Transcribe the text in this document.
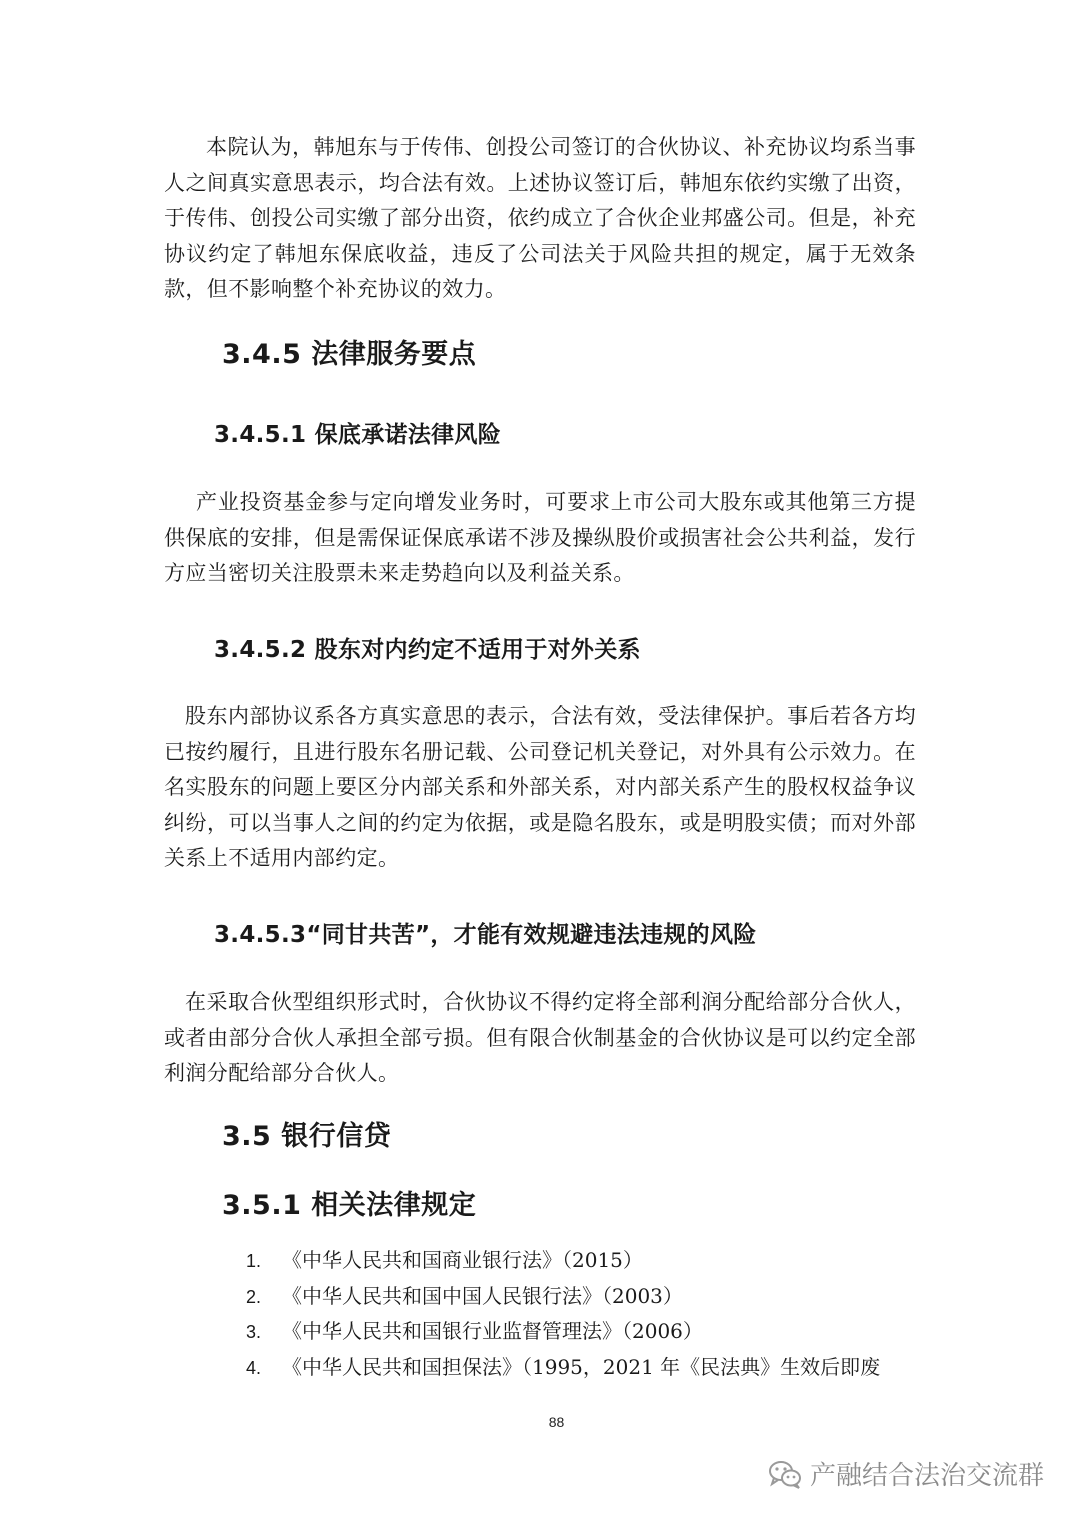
本院认为，韩旭东与于传伟、创投公司签订的合伙协议、补充协议均系当事人之间真实意思表示，均合法有效。上述协议签订后，韩旭东依约实缴了出资，于传伟、创投公司实缴了部分出资，依约成立了合伙企业邦盛公司。但是，补充协议约定了韩旭东保底收益，违反了公司法关于风险共担的规定，属于无效条款，但不影响整个补充协议的效力。

3.4.5 法律服务要点
3.4.5.1 保底承诺法律风险

产业投资基金参与定向增发业务时，可要求上市公司大股东或其他第三方提供保底的安排，但是需保证保底承诺不涉及操纵股价或损害社会公共利益，发行方应当密切关注股票未来走势趋向以及利益关系。

3.4.5.2 股东对内约定不适用于对外关系

股东内部协议系各方真实意思的表示，合法有效，受法律保护。事后若各方均已按约履行，且进行股东名册记载、公司登记机关登记，对外具有公示效力。在名实股东的问题上要区分内部关系和外部关系，对内部关系产生的股权权益争议纠纷，可以当事人之间的约定为依据，或是隐名股东，或是明股实债；而对外部关系上不适用内部约定。

3.4.5.3“同甘共苦”，才能有效规避违法违规的风险

在采取合伙型组织形式时，合伙协议不得约定将全部利润分配给部分合伙人，或者由部分合伙人承担全部亏损。但有限合伙制基金的合伙协议是可以约定全部利润分配给部分合伙人。

3.5 银行信贷
3.5.1 相关法律规定
1. 《中华人民共和国商业银行法》（2015）
2. 《中华人民共和国中国人民银行法》（2003）
3. 《中华人民共和国银行业监督管理法》（2006）
4. 《中华人民共和国担保法》（1995，2021 年《民法典》生效后即废
88
产融结合法治交流群
